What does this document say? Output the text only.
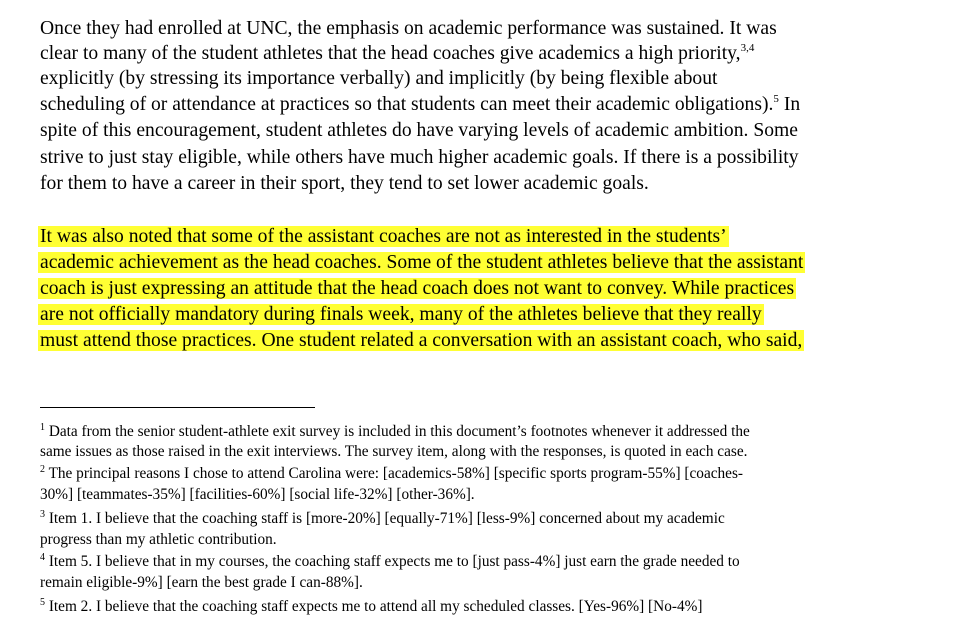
Once they had enrolled at UNC, the emphasis on academic performance was sustained. It was
clear to many of the student athletes that the head coaches give academics a high priority,$^{3,4}$
explicitly (by stressing its importance verbally) and implicitly (by being flexible about
scheduling of or attendance at practices so that students can meet their academic obligations).$^5$ In
spite of this encouragement, student athletes do have varying levels of academic ambition. Some
strive to just stay eligible, while others have much higher academic goals. If there is a possibility
for them to have a career in their sport, they tend to set lower academic goals.
It was also noted that some of the assistant coaches are not as interested in the students’
academic achievement as the head coaches. Some of the student athletes believe that the assistant
coach is just expressing an attitude that the head coach does not want to convey. While practices
are not officially mandatory during finals week, many of the athletes believe that they really
must attend those practices. One student related a conversation with an assistant coach, who said,
$^1$ Data from the senior student-athlete exit survey is included in this document’s footnotes whenever it addressed the
same issues as those raised in the exit interviews. The survey item, along with the responses, is quoted in each case.
$^2$ The principal reasons I chose to attend Carolina were: [academics-58%] [specific sports program-55%] [coaches-
30%] [teammates-35%] [facilities-60%] [social life-32%] [other-36%].
$^3$ Item 1. I believe that the coaching staff is [more-20%] [equally-71%] [less-9%] concerned about my academic
progress than my athletic contribution.
$^4$ Item 5. I believe that in my courses, the coaching staff expects me to [just pass-4%] just earn the grade needed to
remain eligible-9%] [earn the best grade I can-88%].
$^5$ Item 2. I believe that the coaching staff expects me to attend all my scheduled classes. [Yes-96%] [No-4%]
